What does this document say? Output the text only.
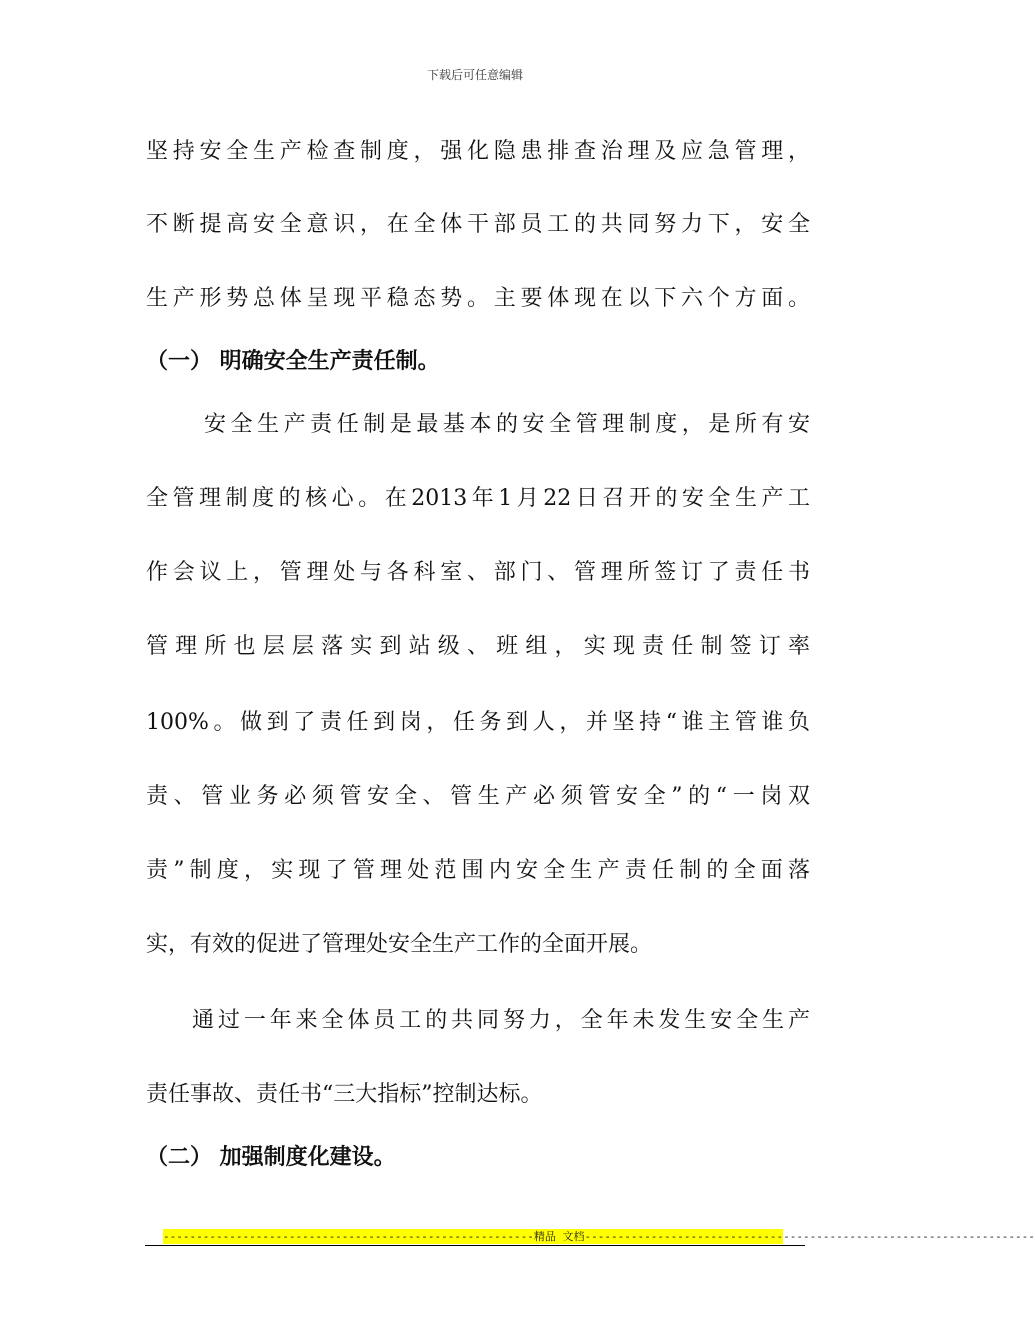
下载后可任意编辑
坚持安全生产检查制度，强化隐患排查治理及应急管理，
不断提高安全意识，在全体干部员工的共同努力下，安全
生产形势总体呈现平稳态势。主要体现在以下六个方面。
（一） 明确安全生产责任制。
安全生产责任制是最基本的安全管理制度，是所有安
全管理制度的核心。在2013年1月22日召开的安全生产工
作会议上，管理处与各科室、部门、管理所签订了责任书
管理所也层层落实到站级、班组，实现责任制签订率
100%。做到了责任到岗，任务到人，并坚持“谁主管谁负
责、管业务必须管安全、管生产必须管安全”的“一岗双
责”制度，实现了管理处范围内安全生产责任制的全面落
实，有效的促进了管理处安全生产工作的全面开展。
通过一年来全体员工的共同努力，全年未发生安全生产
责任事故、责任书“三大指标”控制达标。
（二） 加强制度化建设。
--------------------------------------------------------精品 文档--------------------------------------------------------------------
